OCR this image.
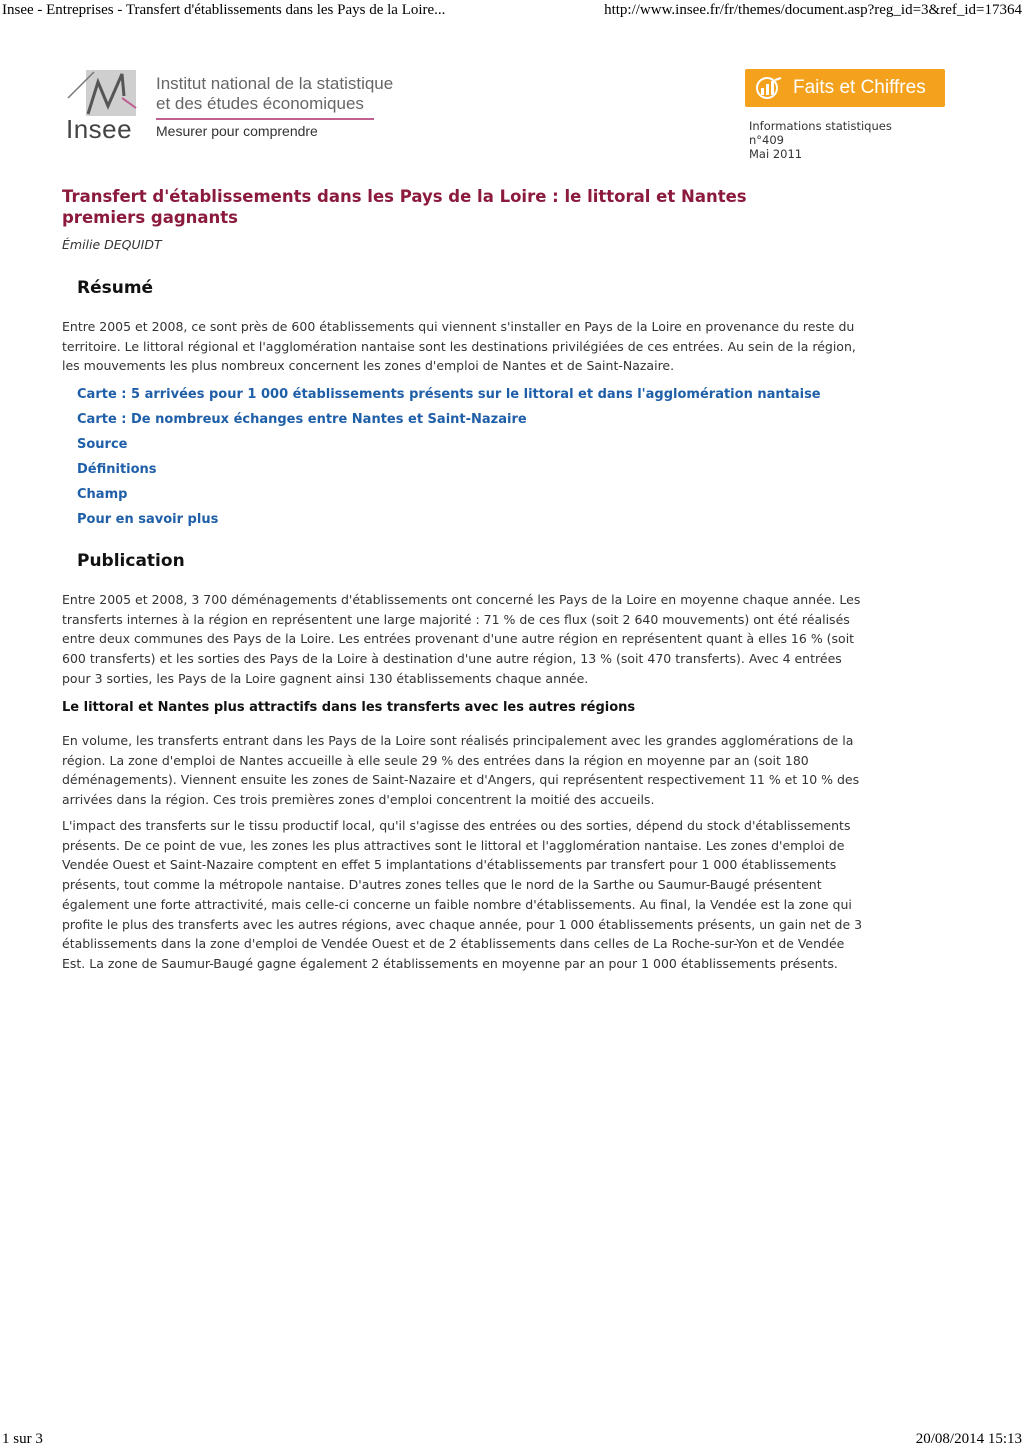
Insee - Entreprises - Transfert d'établissements dans les Pays de la Loire...	http://www.insee.fr/fr/themes/document.asp?reg_id=3&ref_id=17364
Insee
Institut national de la statistique
et des études économiques
Mesurer pour comprendre
Faits et Chiffres
Informations statistiques
n°409
Mai 2011
Transfert d'établissements dans les Pays de la Loire : le littoral et Nantes premiers gagnants
Émilie DEQUIDT
Résumé

Entre 2005 et 2008, ce sont près de 600 établissements qui viennent s'installer en Pays de la Loire en provenance du reste du territoire. Le littoral régional et l'agglomération nantaise sont les destinations privilégiées de ces entrées. Au sein de la région, les mouvements les plus nombreux concernent les zones d'emploi de Nantes et de Saint-Nazaire.

Carte : 5 arrivées pour 1 000 établissements présents sur le littoral et dans l'agglomération nantaise
Carte : De nombreux échanges entre Nantes et Saint-Nazaire
Source
Définitions
Champ
Pour en savoir plus
Publication

Entre 2005 et 2008, 3 700 déménagements d'établissements ont concerné les Pays de la Loire en moyenne chaque année. Les transferts internes à la région en représentent une large majorité : 71 % de ces flux (soit 2 640 mouvements) ont été réalisés entre deux communes des Pays de la Loire. Les entrées provenant d'une autre région en représentent quant à elles 16 % (soit 600 transferts) et les sorties des Pays de la Loire à destination d'une autre région, 13 % (soit 470 transferts). Avec 4 entrées pour 3 sorties, les Pays de la Loire gagnent ainsi 130 établissements chaque année.

Le littoral et Nantes plus attractifs dans les transferts avec les autres régions

En volume, les transferts entrant dans les Pays de la Loire sont réalisés principalement avec les grandes agglomérations de la région. La zone d'emploi de Nantes accueille à elle seule 29 % des entrées dans la région en moyenne par an (soit 180 déménagements). Viennent ensuite les zones de Saint-Nazaire et d'Angers, qui représentent respectivement 11 % et 10 % des arrivées dans la région. Ces trois premières zones d'emploi concentrent la moitié des accueils.

L'impact des transferts sur le tissu productif local, qu'il s'agisse des entrées ou des sorties, dépend du stock d'établissements présents. De ce point de vue, les zones les plus attractives sont le littoral et l'agglomération nantaise. Les zones d'emploi de Vendée Ouest et Saint-Nazaire comptent en effet 5 implantations d'établissements par transfert pour 1 000 établissements présents, tout comme la métropole nantaise. D'autres zones telles que le nord de la Sarthe ou Saumur-Baugé présentent également une forte attractivité, mais celle-ci concerne un faible nombre d'établissements. Au final, la Vendée est la zone qui profite le plus des transferts avec les autres régions, avec chaque année, pour 1 000 établissements présents, un gain net de 3 établissements dans la zone d'emploi de Vendée Ouest et de 2 établissements dans celles de La Roche-sur-Yon et de Vendée Est. La zone de Saumur-Baugé gagne également 2 établissements en moyenne par an pour 1 000 établissements présents.

1 sur 3	20/08/2014 15:13
